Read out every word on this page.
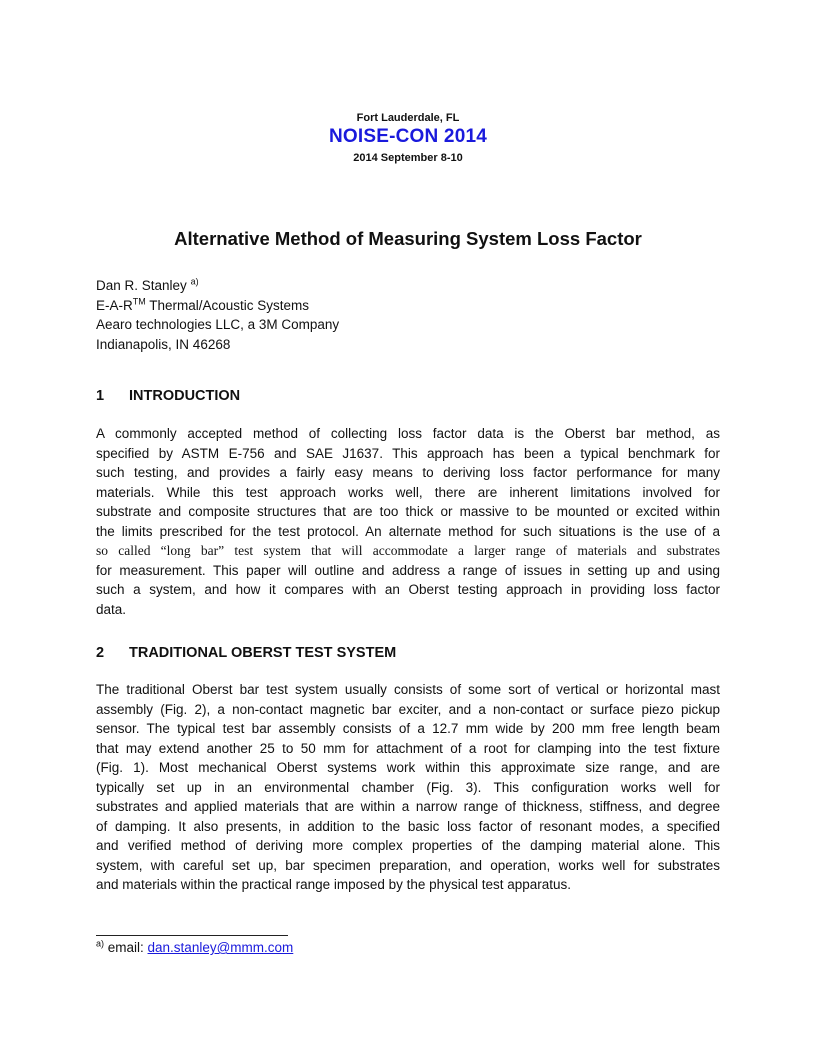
Fort Lauderdale, FL
NOISE-CON 2014
2014 September 8-10
Alternative Method of Measuring System Loss Factor
Dan R. Stanley $^{a)}$
E-A-R™ Thermal/Acoustic Systems
Aearo technologies LLC, a 3M Company
Indianapolis, IN 46268
1 INTRODUCTION
A commonly accepted method of collecting loss factor data is the Oberst bar method, as
specified by ASTM E-756 and SAE J1637. This approach has been a typical benchmark for
such testing, and provides a fairly easy means to deriving loss factor performance for many
materials. While this test approach works well, there are inherent limitations involved for
substrate and composite structures that are too thick or massive to be mounted or excited within
the limits prescribed for the test protocol. An alternate method for such situations is the use of a
so called “long bar” test system that will accommodate a larger range of materials and substrates
for measurement. This paper will outline and address a range of issues in setting up and using
such a system, and how it compares with an Oberst testing approach in providing loss factor
data.
2 TRADITIONAL OBERST TEST SYSTEM
The traditional Oberst bar test system usually consists of some sort of vertical or horizontal mast
assembly (Fig. 2), a non-contact magnetic bar exciter, and a non-contact or surface piezo pickup
sensor. The typical test bar assembly consists of a 12.7 mm wide by 200 mm free length beam
that may extend another 25 to 50 mm for attachment of a root for clamping into the test fixture
(Fig. 1). Most mechanical Oberst systems work within this approximate size range, and are
typically set up in an environmental chamber (Fig. 3). This configuration works well for
substrates and applied materials that are within a narrow range of thickness, stiffness, and degree
of damping. It also presents, in addition to the basic loss factor of resonant modes, a specified
and verified method of deriving more complex properties of the damping material alone. This
system, with careful set up, bar specimen preparation, and operation, works well for substrates
and materials within the practical range imposed by the physical test apparatus.
$^{a)}$ email: dan.stanley@mmm.com
